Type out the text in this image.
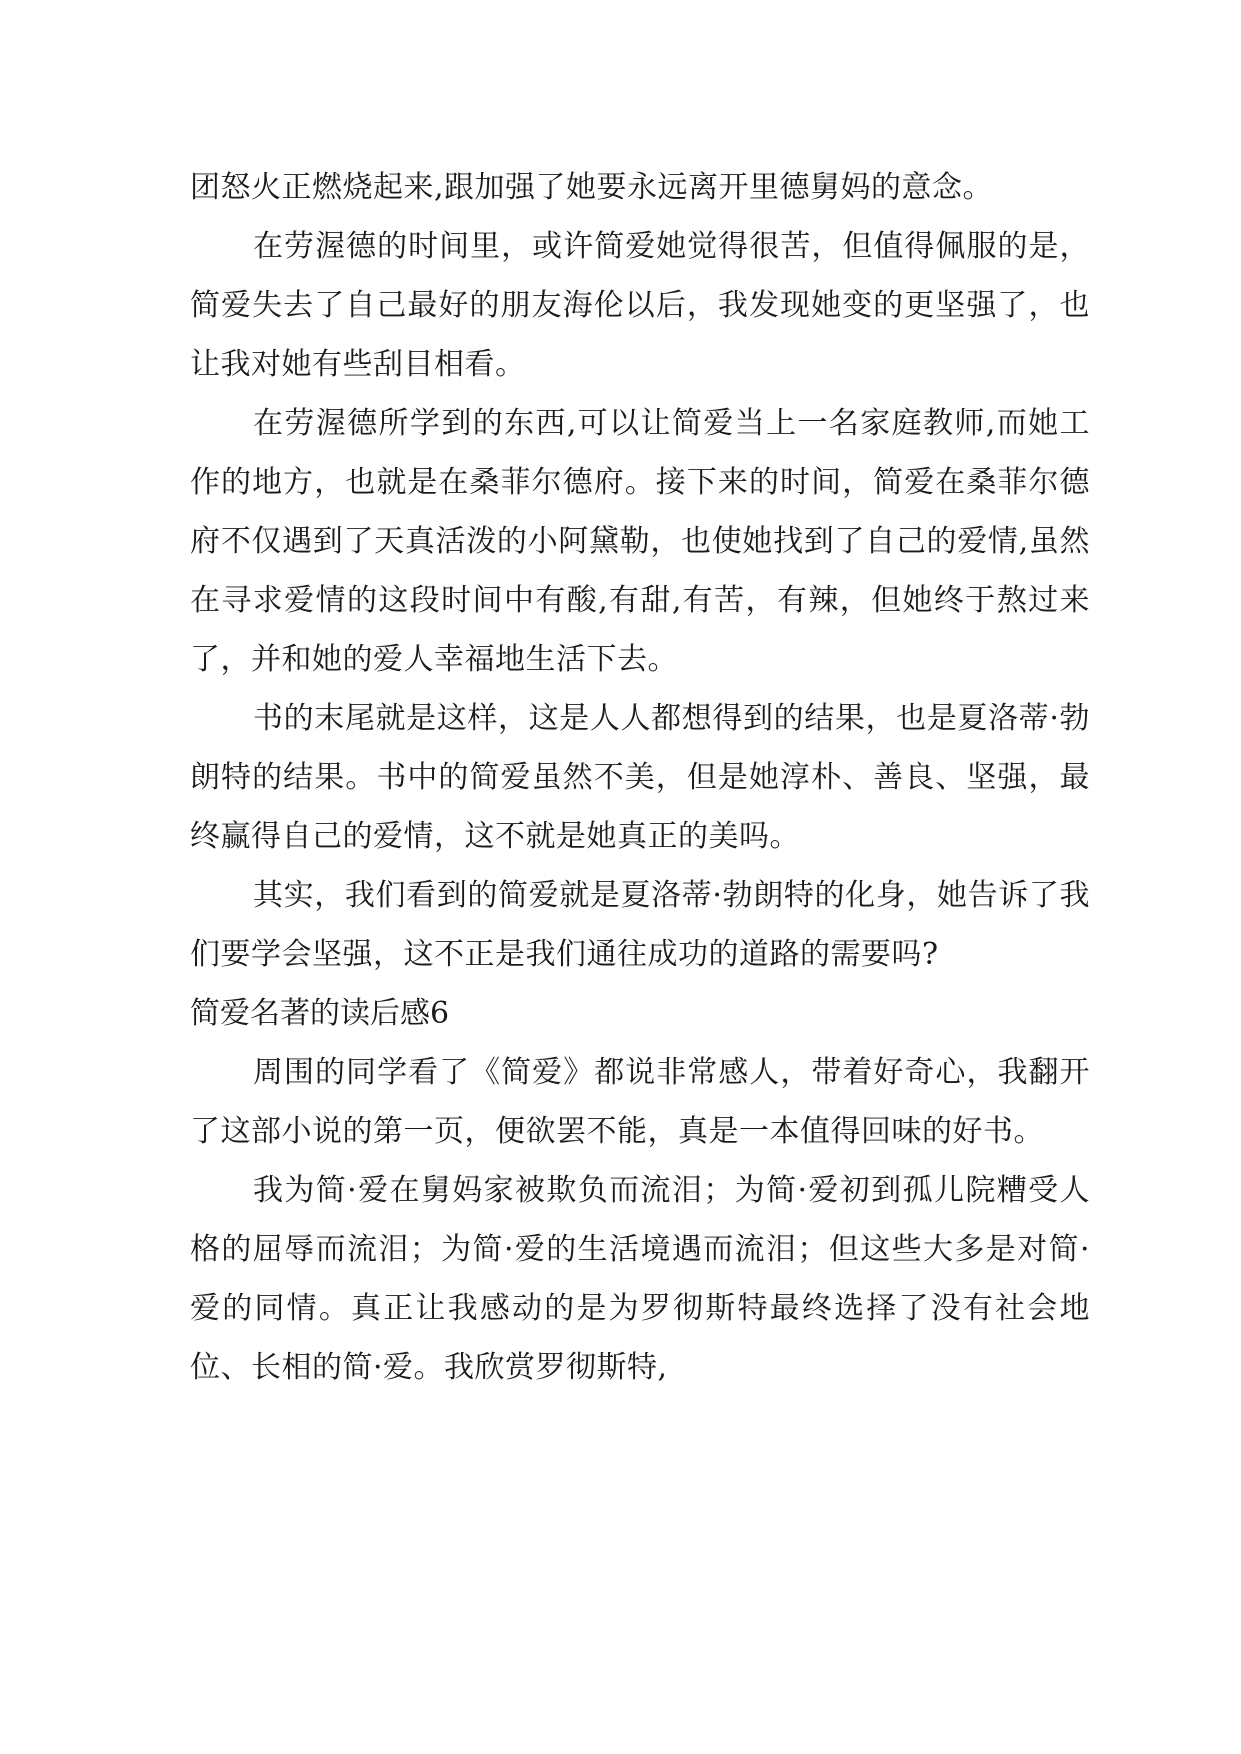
团怒火正燃烧起来,跟加强了她要永远离开里德舅妈的意念。

在劳渥德的时间里，或许简爱她觉得很苦，但值得佩服的是，简爱失去了自己最好的朋友海伦以后，我发现她变的更坚强了，也让我对她有些刮目相看。

在劳渥德所学到的东西,可以让简爱当上一名家庭教师,而她工作的地方，也就是在桑菲尔德府。接下来的时间，简爱在桑菲尔德府不仅遇到了天真活泼的小阿黛勒，也使她找到了自己的爱情,虽然在寻求爱情的这段时间中有酸,有甜,有苦，有辣，但她终于熬过来了，并和她的爱人幸福地生活下去。

书的末尾就是这样，这是人人都想得到的结果，也是夏洛蒂·勃朗特的结果。书中的简爱虽然不美，但是她淳朴、善良、坚强，最终赢得自己的爱情，这不就是她真正的美吗。

其实，我们看到的简爱就是夏洛蒂·勃朗特的化身，她告诉了我们要学会坚强，这不正是我们通往成功的道路的需要吗?

简爱名著的读后感6

周围的同学看了《简爱》都说非常感人，带着好奇心，我翻开了这部小说的第一页，便欲罢不能，真是一本值得回味的好书。

我为简·爱在舅妈家被欺负而流泪；为简·爱初到孤儿院糟受人格的屈辱而流泪；为简·爱的生活境遇而流泪；但这些大多是对简·爱的同情。真正让我感动的是为罗彻斯特最终选择了没有社会地位、长相的简·爱。我欣赏罗彻斯特,
